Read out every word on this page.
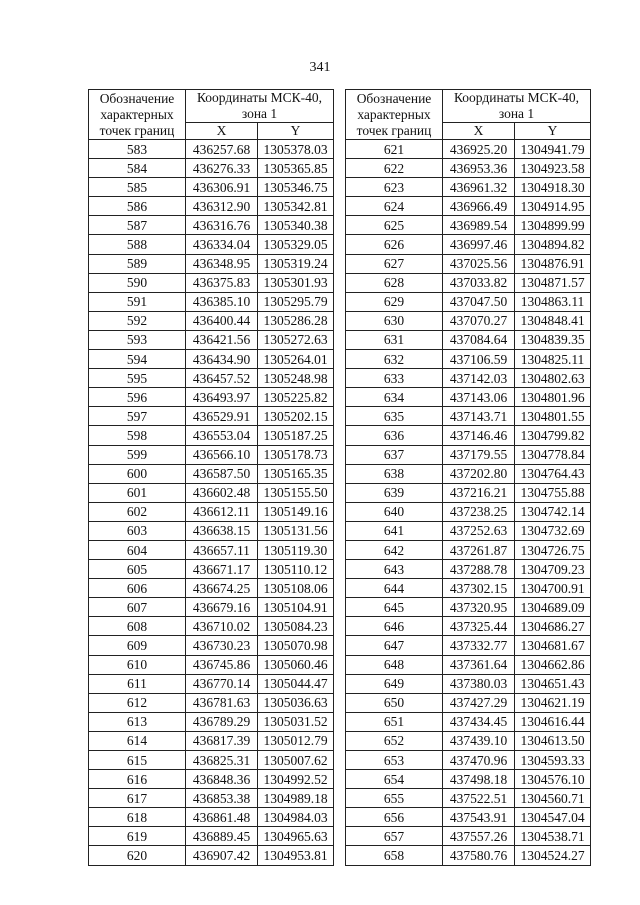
341
Обозначение характерных точек границ	Координаты МСК-40, зона 1	
	X	Y
583	436257.68	1305378.03
584	436276.33	1305365.85
585	436306.91	1305346.75
586	436312.90	1305342.81
587	436316.76	1305340.38
588	436334.04	1305329.05
589	436348.95	1305319.24
590	436375.83	1305301.93
591	436385.10	1305295.79
592	436400.44	1305286.28
593	436421.56	1305272.63
594	436434.90	1305264.01
595	436457.52	1305248.98
596	436493.97	1305225.82
597	436529.91	1305202.15
598	436553.04	1305187.25
599	436566.10	1305178.73
600	436587.50	1305165.35
601	436602.48	1305155.50
602	436612.11	1305149.16
603	436638.15	1305131.56
604	436657.11	1305119.30
605	436671.17	1305110.12
606	436674.25	1305108.06
607	436679.16	1305104.91
608	436710.02	1305084.23
609	436730.23	1305070.98
610	436745.86	1305060.46
611	436770.14	1305044.47
612	436781.63	1305036.63
613	436789.29	1305031.52
614	436817.39	1305012.79
615	436825.31	1305007.62
616	436848.36	1304992.52
617	436853.38	1304989.18
618	436861.48	1304984.03
619	436889.45	1304965.63
620	436907.42	1304953.81
Обозначение характерных точек границ	Координаты МСК-40, зона 1	
	X	Y
621	436925.20	1304941.79
622	436953.36	1304923.58
623	436961.32	1304918.30
624	436966.49	1304914.95
625	436989.54	1304899.99
626	436997.46	1304894.82
627	437025.56	1304876.91
628	437033.82	1304871.57
629	437047.50	1304863.11
630	437070.27	1304848.41
631	437084.64	1304839.35
632	437106.59	1304825.11
633	437142.03	1304802.63
634	437143.06	1304801.96
635	437143.71	1304801.55
636	437146.46	1304799.82
637	437179.55	1304778.84
638	437202.80	1304764.43
639	437216.21	1304755.88
640	437238.25	1304742.14
641	437252.63	1304732.69
642	437261.87	1304726.75
643	437288.78	1304709.23
644	437302.15	1304700.91
645	437320.95	1304689.09
646	437325.44	1304686.27
647	437332.77	1304681.67
648	437361.64	1304662.86
649	437380.03	1304651.43
650	437427.29	1304621.19
651	437434.45	1304616.44
652	437439.10	1304613.50
653	437470.96	1304593.33
654	437498.18	1304576.10
655	437522.51	1304560.71
656	437543.91	1304547.04
657	437557.26	1304538.71
658	437580.76	1304524.27
